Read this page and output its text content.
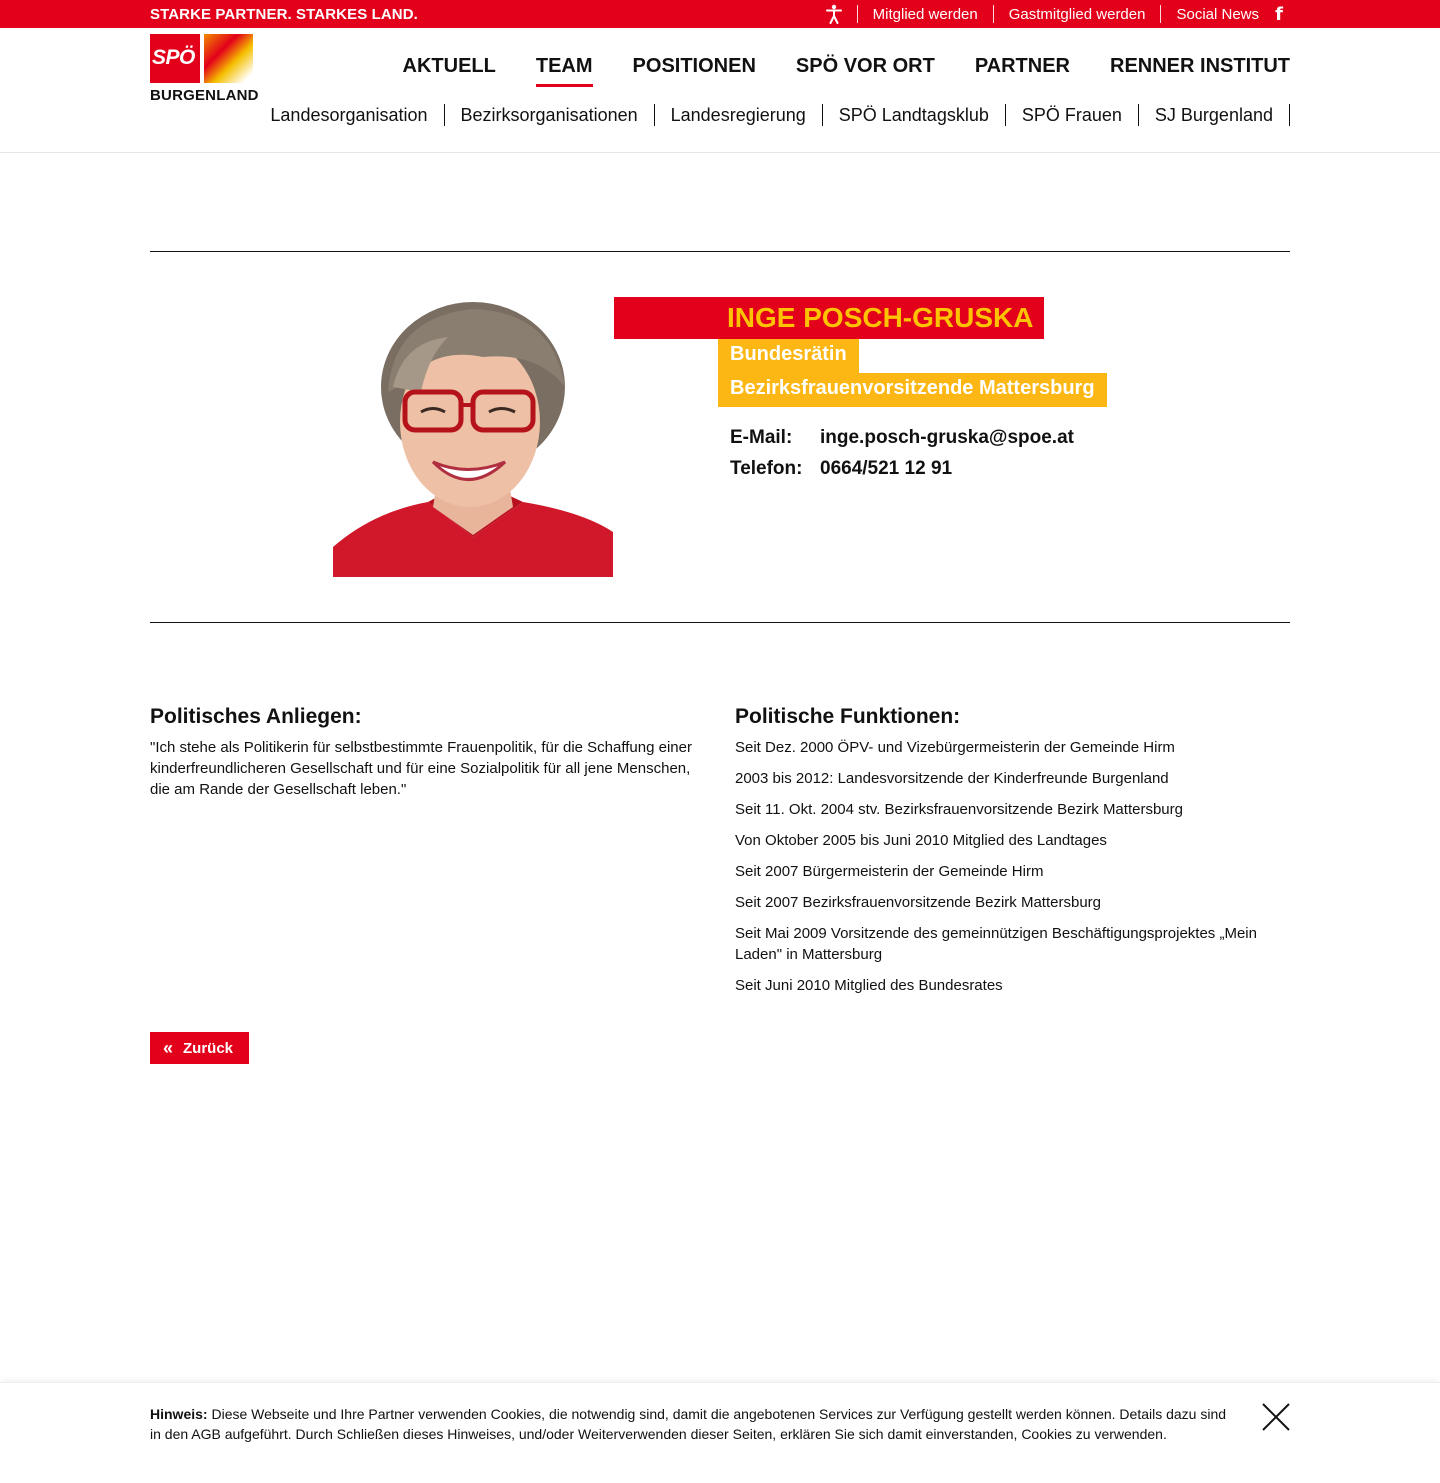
STARKE PARTNER. STARKES LAND.	Mitglied werden	Gastmitglied werden	Social News f
SPÖ
BURGENLAND
AKTUELL TEAM POSITIONEN SPÖ VOR ORT PARTNER RENNER INSTITUT
Landesorganisation	Bezirksorganisationen	Landesregierung	SPÖ Landtagsklub	SPÖ Frauen	SJ Burgenland
INGE POSCH-GRUSKA
Bundesrätin
Bezirksfrauenvorsitzende Mattersburg
E-Mail:	inge.posch-gruska@spoe.at
Telefon: 0664/521 12 91
Politisches Anliegen:

"Ich stehe als Politikerin für selbstbestimmte Frauenpolitik, für die Schaffung einer kinderfreundlicheren Gesellschaft und für eine Sozialpolitik für all jene Menschen, die am Rande der Gesellschaft leben."

Politische Funktionen:
Seit Dez. 2000 ÖPV- und Vizebürgermeisterin der Gemeinde Hirm
2003 bis 2012: Landesvorsitzende der Kinderfreunde Burgenland
Seit 11. Okt. 2004 stv. Bezirksfrauenvorsitzende Bezirk Mattersburg
Von Oktober 2005 bis Juni 2010 Mitglied des Landtages
Seit 2007 Bürgermeisterin der Gemeinde Hirm
Seit 2007 Bezirksfrauenvorsitzende Bezirk Mattersburg
Seit Mai 2009 Vorsitzende des gemeinnützigen Beschäftigungsprojektes „Mein Laden" in Mattersburg
Seit Juni 2010 Mitglied des Bundesrates
« Zurück
Hinweis: Diese Webseite und Ihre Partner verwenden Cookies, die notwendig sind, damit die angebotenen Services zur Verfügung gestellt werden können. Details dazu sind in den AGB aufgeführt. Durch Schließen dieses Hinweises, und/oder Weiterverwenden dieser Seiten, erklären Sie sich damit einverstanden, Cookies zu verwenden.
